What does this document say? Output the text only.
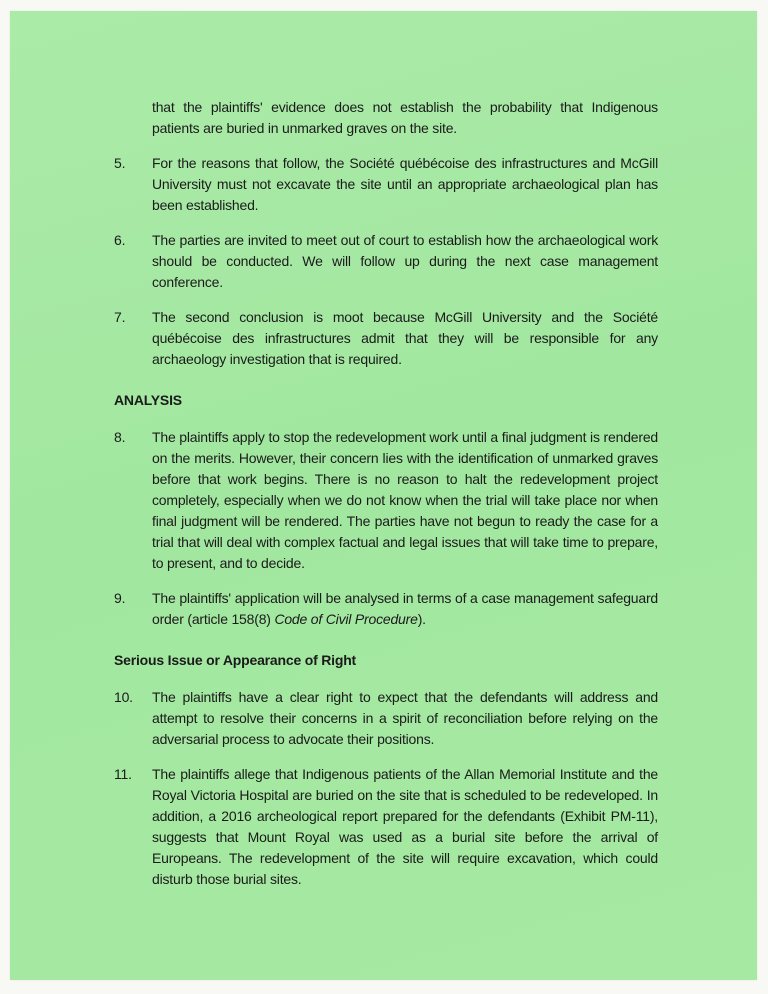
that the plaintiffs' evidence does not establish the probability that Indigenous patients are buried in unmarked graves on the site.
5. For the reasons that follow, the Société québécoise des infrastructures and McGill University must not excavate the site until an appropriate archaeological plan has been established.
6. The parties are invited to meet out of court to establish how the archaeological work should be conducted. We will follow up during the next case management conference.
7. The second conclusion is moot because McGill University and the Société québécoise des infrastructures admit that they will be responsible for any archaeology investigation that is required.
ANALYSIS
8. The plaintiffs apply to stop the redevelopment work until a final judgment is rendered on the merits. However, their concern lies with the identification of unmarked graves before that work begins. There is no reason to halt the redevelopment project completely, especially when we do not know when the trial will take place nor when final judgment will be rendered. The parties have not begun to ready the case for a trial that will deal with complex factual and legal issues that will take time to prepare, to present, and to decide.
9. The plaintiffs' application will be analysed in terms of a case management safeguard order (article 158(8) Code of Civil Procedure).
Serious Issue or Appearance of Right
10. The plaintiffs have a clear right to expect that the defendants will address and attempt to resolve their concerns in a spirit of reconciliation before relying on the adversarial process to advocate their positions.
11. The plaintiffs allege that Indigenous patients of the Allan Memorial Institute and the Royal Victoria Hospital are buried on the site that is scheduled to be redeveloped. In addition, a 2016 archeological report prepared for the defendants (Exhibit PM-11), suggests that Mount Royal was used as a burial site before the arrival of Europeans. The redevelopment of the site will require excavation, which could disturb those burial sites.
